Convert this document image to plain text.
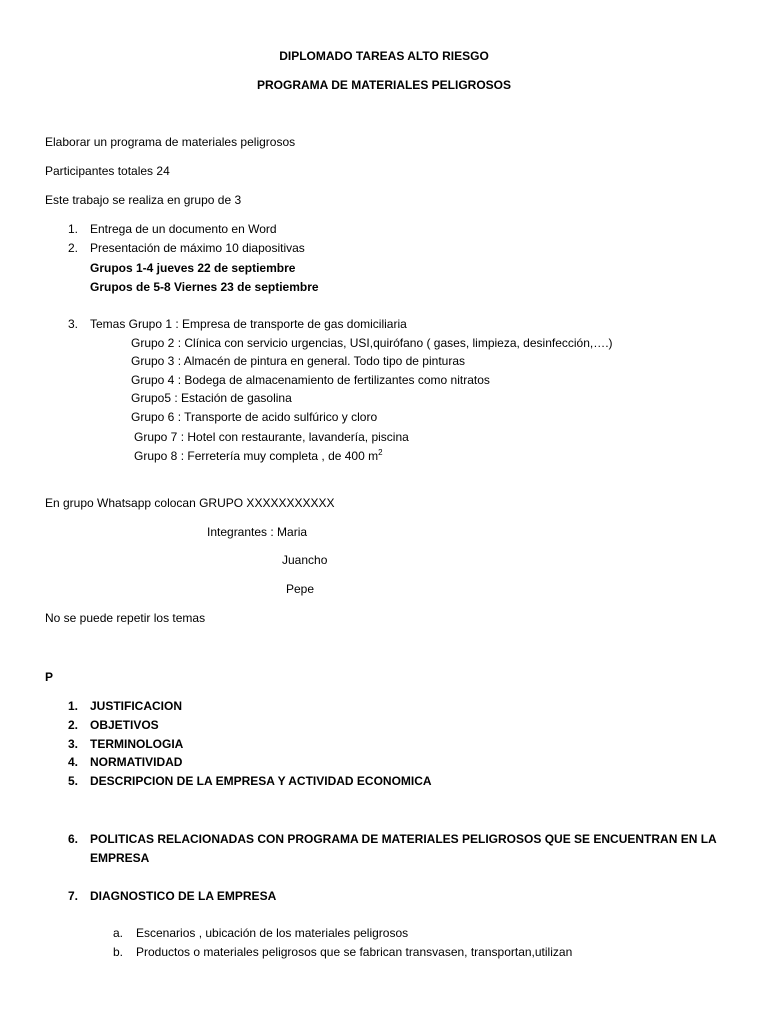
DIPLOMADO TAREAS ALTO RIESGO
PROGRAMA DE MATERIALES PELIGROSOS
Elaborar un programa de materiales peligrosos
Participantes totales 24
Este trabajo se realiza en grupo de 3
1. Entrega de un documento en Word
2. Presentación de máximo 10 diapositivas
Grupos 1-4 jueves 22 de septiembre
Grupos de 5-8 Viernes 23 de septiembre
3. Temas Grupo 1 : Empresa de transporte de gas domiciliaria
Grupo 2 : Clínica con servicio urgencias, USI,quirófano ( gases, limpieza, desinfección,….)
Grupo 3 : Almacén de pintura en general. Todo tipo de pinturas
Grupo 4 : Bodega de almacenamiento de fertilizantes como nitratos
Grupo5 : Estación de gasolina
Grupo 6 : Transporte de acido sulfúrico y cloro
Grupo 7 : Hotel con restaurante, lavandería, piscina
Grupo 8 : Ferretería muy completa , de 400 $m^2$
En grupo Whatsapp colocan GRUPO XXXXXXXXXXX
Integrantes : Maria
Juancho
Pepe
No se puede repetir los temas
P
1. JUSTIFICACION
2. OBJETIVOS
3. TERMINOLOGIA
4. NORMATIVIDAD
5. DESCRIPCION DE LA EMPRESA Y ACTIVIDAD ECONOMICA
6. POLITICAS RELACIONADAS CON PROGRAMA DE MATERIALES PELIGROSOS QUE SE ENCUENTRAN EN LA
EMPRESA
7. DIAGNOSTICO DE LA EMPRESA
a.	Escenarios , ubicación de los materiales peligrosos
b.	Productos o materiales peligrosos que se fabrican transvasen, transportan,utilizan
